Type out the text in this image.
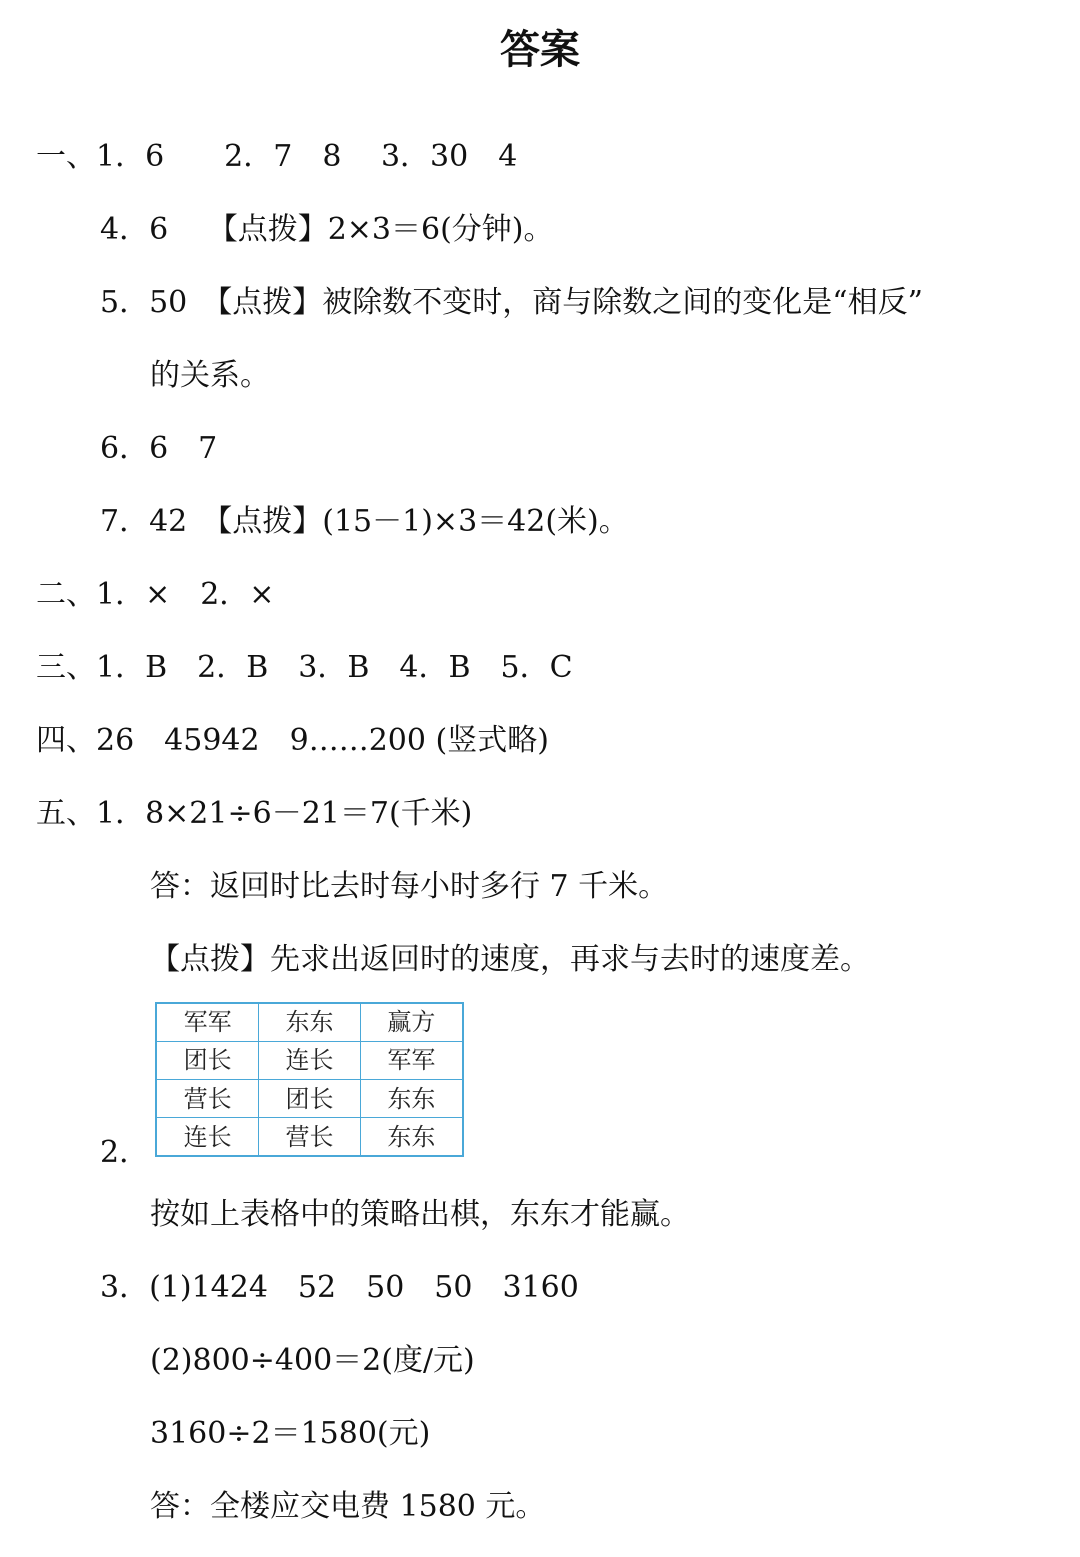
答案
一、1．6　　2．7　8　 3．30　4
4．6　 【点拨】2×3＝6(分钟)。
5．50　【点拨】被除数不变时，商与除数之间的变化是“相反”
的关系。
6．6　7
7．42　【点拨】(15－1)×3＝42(米)。
二、1．×　2．×
三、1．B　2．B　3．B　4．B　5．C
四、26　45942　9……200 (竖式略)
五、1．8×21÷6－21＝7(千米)
答：返回时比去时每小时多行 7 千米。
【点拨】先求出返回时的速度，再求与去时的速度差。
军军	东东	赢方
团长	连长	军军
营长	团长	东东
连长	营长	东东
2．
按如上表格中的策略出棋，东东才能赢。
3．(1)1424　52　50　50　3160
(2)800÷400＝2(度/元)
3160÷2＝1580(元)
答：全楼应交电费 1580 元。
